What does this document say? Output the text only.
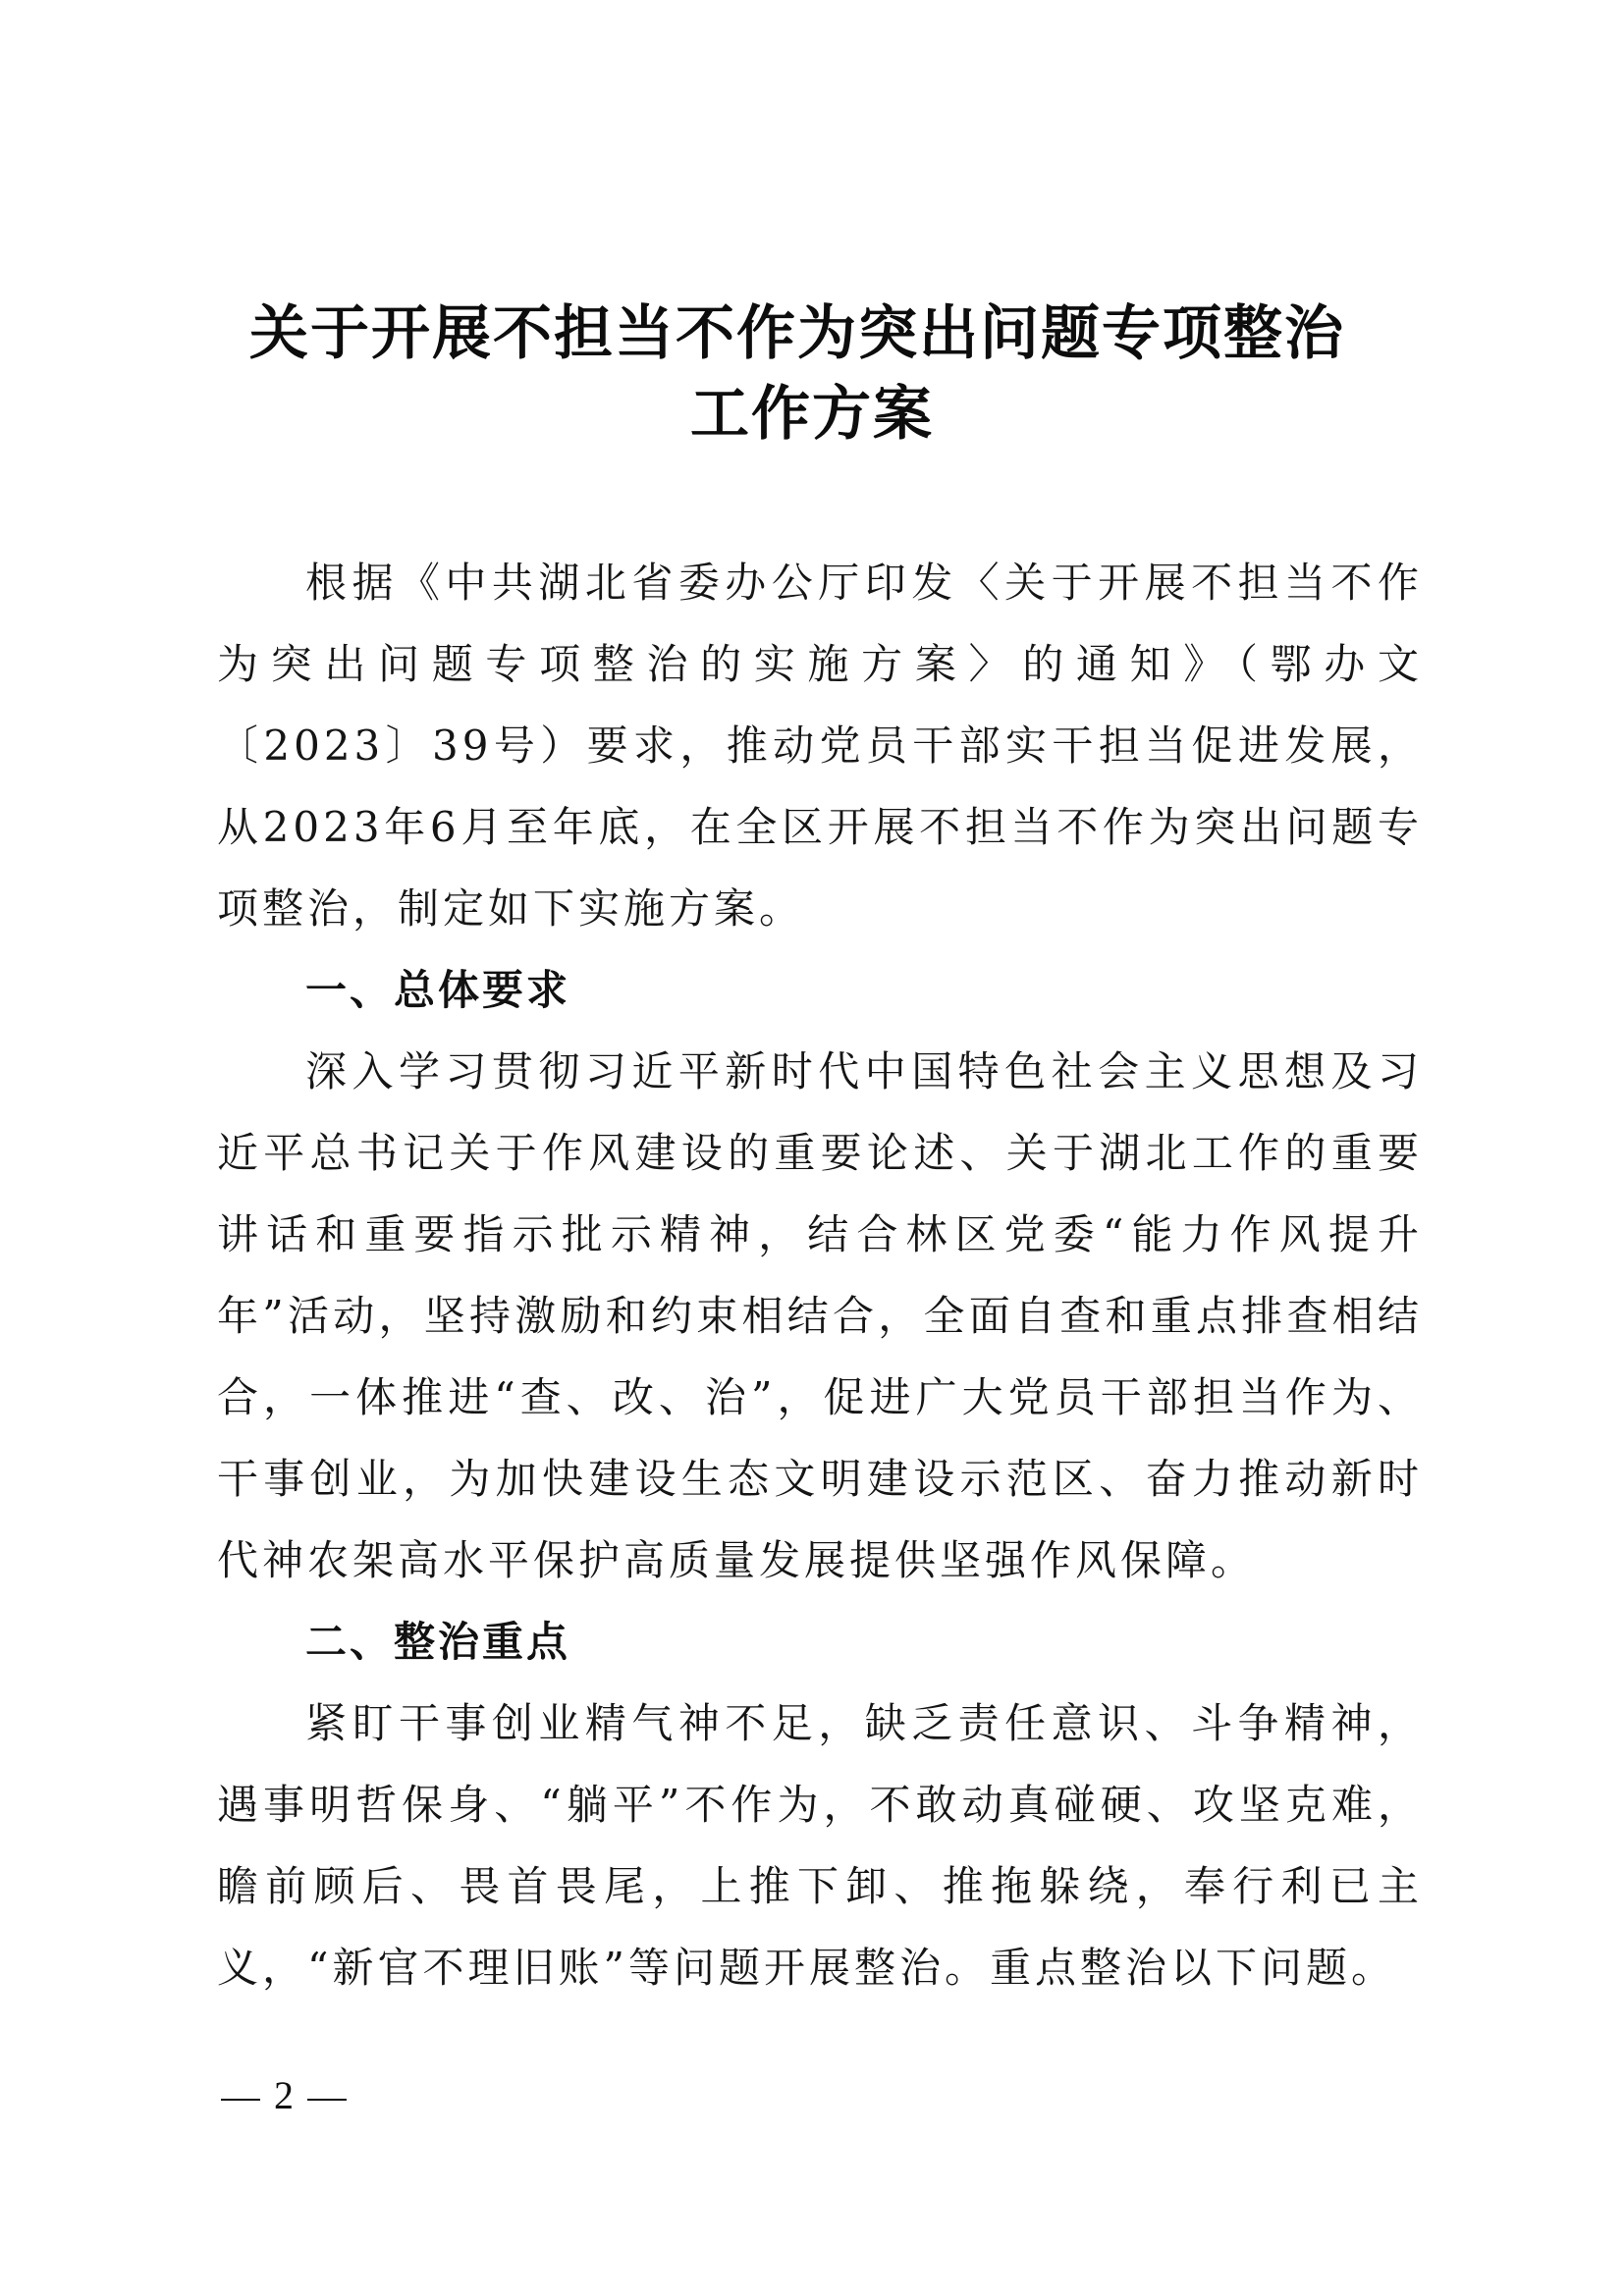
关于开展不担当不作为突出问题专项整治
工作方案

根据《中共湖北省委办公厅印发〈关于开展不担当不作为突出问题专项整治的实施方案〉的通知》（鄂办文〔2023〕39号）要求，推动党员干部实干担当促进发展，从2023年6月至年底，在全区开展不担当不作为突出问题专项整治，制定如下实施方案。

一、总体要求

深入学习贯彻习近平新时代中国特色社会主义思想及习近平总书记关于作风建设的重要论述、关于湖北工作的重要讲话和重要指示批示精神，结合林区党委“能力作风提升年”活动，坚持激励和约束相结合，全面自查和重点排查相结合，一体推进“查、改、治”，促进广大党员干部担当作为、干事创业，为加快建设生态文明建设示范区、奋力推动新时代神农架高水平保护高质量发展提供坚强作风保障。

二、整治重点

紧盯干事创业精气神不足，缺乏责任意识、斗争精神，遇事明哲保身、“躺平”不作为，不敢动真碰硬、攻坚克难，瞻前顾后、畏首畏尾，上推下卸、推拖躲绕，奉行利已主义，“新官不理旧账”等问题开展整治。重点整治以下问题。

2
